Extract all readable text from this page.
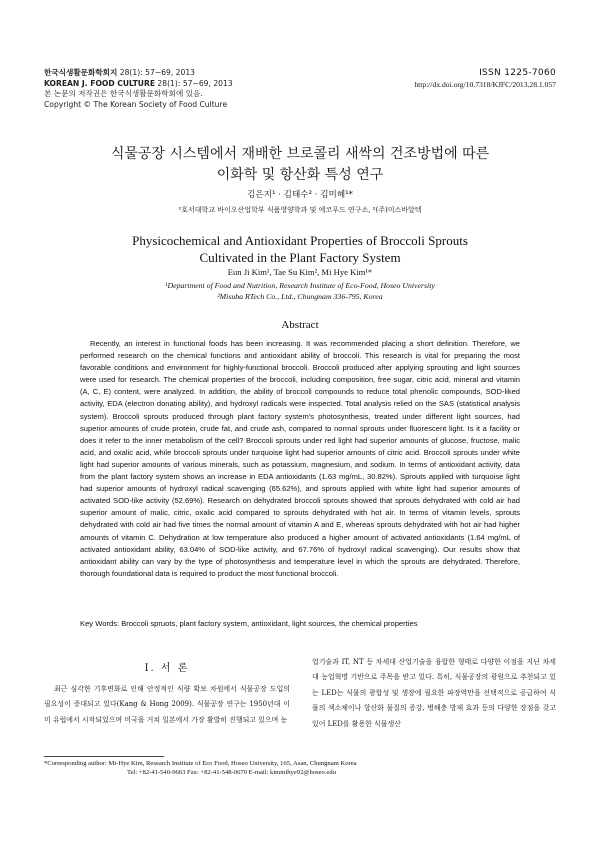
한국식생활문화학회지 28(1): 57~69, 2013
KOREAN J. FOOD CULTURE 28(1): 57~69, 2013
본 논문의 저작권은 한국식생활문화학회에 있음.
Copyright © The Korean Society of Food Culture
ISSN 1225-7060
http://dx.doi.org/10.7318/KJFC/2013.28.1.057
식물공장 시스템에서 재배한 브로콜리 새싹의 건조방법에 따른
이화학 및 항산화 특성 연구
김은지¹ · 김태수² · 김미혜¹*
¹호서대학교 바이오산업학부 식품영양학과 및 에코푸드 연구소, ²(주)미스바알텍
Physicochemical and Antioxidant Properties of Broccoli Sprouts
Cultivated in the Plant Factory System
Eun Ji Kim¹, Tae Su Kim², Mi Hye Kim¹*
¹Department of Food and Nutrition, Research Institute of Eco-Food, Hoseo University
²Misuba RTech Co., Ltd., Chungnam 336-795, Korea
Abstract

Recently, an interest in functional foods has been increasing. It was recommended placing a short definition. Therefore, we performed research on the chemical functions and antioxidant ability of broccoli. This research is vital for preparing the most favorable conditions and environment for highly-functional broccoli. Broccoli produced after applying sprouting and light sources were used for research. The chemical properties of the broccoli, including composition, free sugar, citric acid, mineral and vitamin (A, C, E) content, were analyzed. In addition, the ability of broccoli compounds to reduce total phenolic compounds, SOD-liked activity, EDA (electron donating ability), and hydroxyl radicals were inspected. Total analysis relied on the SAS (statistical analysis system). Broccoli sprouts produced through plant factory system's photosynthesis, treated under different light sources, had superior amounts of crude protein, crude fat, and crude ash, compared to normal sprouts under fluorescent light. Is it a facility or does it refer to the inner metabolism of the cell? Broccoli sprouts under red light had superior amounts of glucose, fructose, malic acid, and oxalic acid, while broccoli sprouts under turquoise light had superior amounts of citric acid. Broccoli sprouts under white light had superior amounts of various minerals, such as potassium, magnesium, and sodium. In terms of antioxidant activity, data from the plant factory system shows an increase in EDA antioxidants (1.63 mg/mL, 30.82%). Sprouts applied with turquoise light had superior amounts of hydroxyl radical scavenging (65.62%), and sprouts applied with white light had superior amounts of activated SOD-like activity (52.69%). Research on dehydrated broccoli sprouts showed that sprouts dehydrated with cold air had superior amount of malic, citric, oxalic acid compared to sprouts dehydrated with hot air. In terms of vitamin levels, sprouts dehydrated with cold air had five times the normal amount of vitamin A and E, whereas sprouts dehydrated with hot air had higher amounts of vitamin C. Dehydration at low temperature also produced a higher amount of activated antioxidants (1.64 mg/mL of activated antioxidant ability, 63.04% of SOD-like activity, and 67.76% of hydroxyl radical scavenging). Our results show that antioxidant ability can vary by the type of photosynthesis and temperature level in which the sprouts are dehydrated. Therefore, thorough foundational data is required to product the most functional broccoli.

Key Words: Broccoli spruots, plant factory system, antioxidant, light sources, the chemical properties
I. 서 론

최근 심각한 기후변화로 인해 안정적인 식량 확보 차원에서 식물공장 도입의 필요성이 증대되고 있다(Kang & Hong 2009). 식물공장 연구는 1950년대 이미 유럽에서 시작되었으며 미국을 거쳐 일본에서 가장 활발히 진행되고 있으며 농

업기술과 IT, NT 등 차세대 산업기술을 융합한 형태로 다양한 이점을 지닌 차세대 농업혁명 기반으로 주목을 받고 있다. 특히, 식물공장의 광원으로 추천되고 있는 LED는 식물의 광합성 및 생장에 필요한 파장역만을 선택적으로 공급하여 식물의 색소체이나 항산화 물질의 증강, 병해충 방제 효과 등의 다양한 장점을 갖고 있어 LED를 활용한 식물생산

*Corresponding author: Mi-Hye Kim, Research Institute of Eco Food, Hoseo University, 165, Asan, Chungnam Korea
Tel: +82-41-540-9663 Fax: +82-41-548-0670 E-mail: kimmihye92@hoseo.edu
